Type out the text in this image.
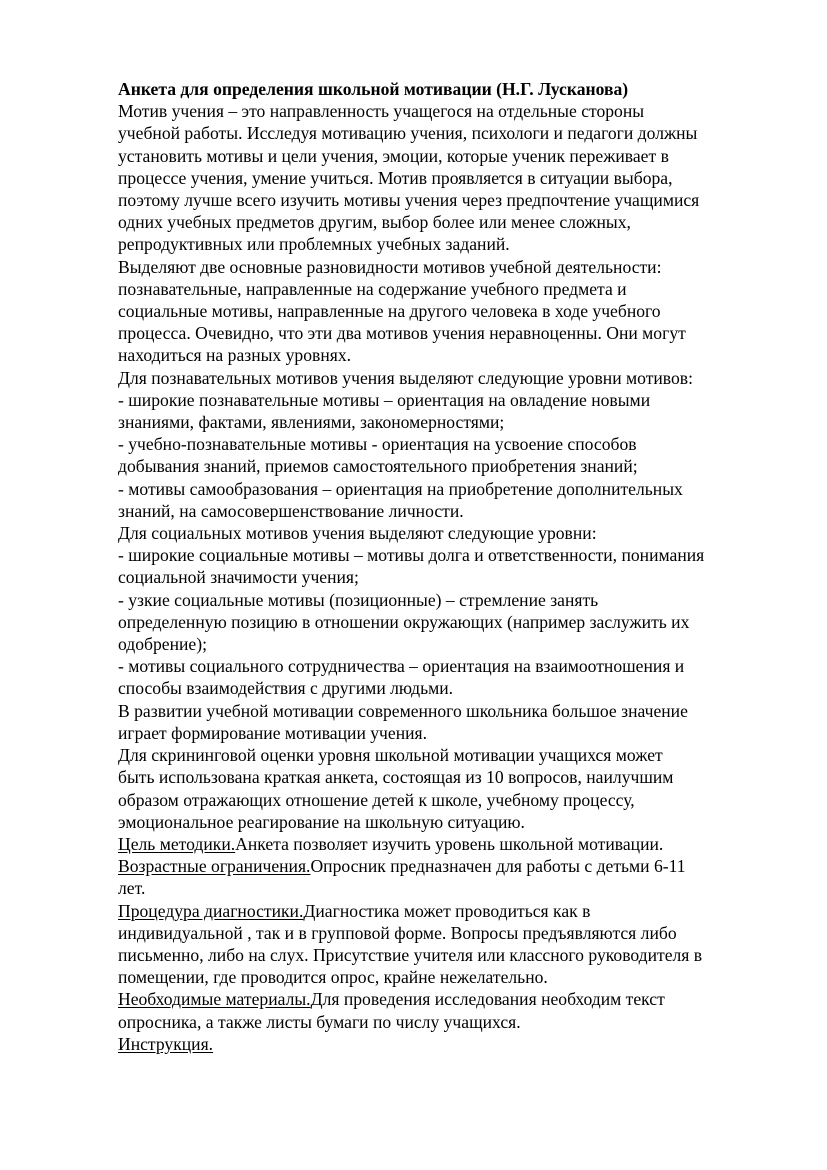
Анкета для определения школьной мотивации (Н.Г. Лусканова)
Мотив учения – это направленность учащегося на отдельные стороны
учебной работы. Исследуя мотивацию учения, психологи и педагоги должны
установить мотивы и цели учения, эмоции, которые ученик переживает в
процессе учения, умение учиться. Мотив проявляется в ситуации выбора,
поэтому лучше всего изучить мотивы учения через предпочтение учащимися
одних учебных предметов другим, выбор более или менее сложных,
репродуктивных или проблемных учебных заданий.
Выделяют две основные разновидности мотивов учебной деятельности:
познавательные, направленные на содержание учебного предмета и
социальные мотивы, направленные на другого человека в ходе учебного
процесса. Очевидно, что эти два мотивов учения неравноценны. Они могут
находиться на разных уровнях.
Для познавательных мотивов учения выделяют следующие уровни мотивов:
- широкие познавательные мотивы – ориентация на овладение новыми
знаниями, фактами, явлениями, закономерностями;
- учебно-познавательные мотивы - ориентация на усвоение способов
добывания знаний, приемов самостоятельного приобретения знаний;
- мотивы самообразования – ориентация на приобретение дополнительных
знаний, на самосовершенствование личности.
Для социальных мотивов учения выделяют следующие уровни:
- широкие социальные мотивы – мотивы долга и ответственности, понимания
социальной значимости учения;
- узкие социальные мотивы (позиционные) – стремление занять
определенную позицию в отношении окружающих (например заслужить их
одобрение);
- мотивы социального сотрудничества – ориентация на взаимоотношения и
способы взаимодействия с другими людьми.
В развитии учебной мотивации современного школьника большое значение
играет формирование мотивации учения.
Для скрининговой оценки уровня школьной мотивации учащихся может
быть использована краткая анкета, состоящая из 10 вопросов, наилучшим
образом отражающих отношение детей к школе, учебному процессу,
эмоциональное реагирование на школьную ситуацию.
Цель методики.Анкета позволяет изучить уровень школьной мотивации.
Возрастные ограничения.Опросник предназначен для работы с детьми 6-11
лет.
Процедура диагностики.Диагностика может проводиться как в
индивидуальной , так и в групповой форме. Вопросы предъявляются либо
письменно, либо на слух. Присутствие учителя или классного руководителя в
помещении, где проводится опрос, крайне нежелательно.
Необходимые материалы.Для проведения исследования необходим текст
опросника, а также листы бумаги по числу учащихся.
Инструкция.
